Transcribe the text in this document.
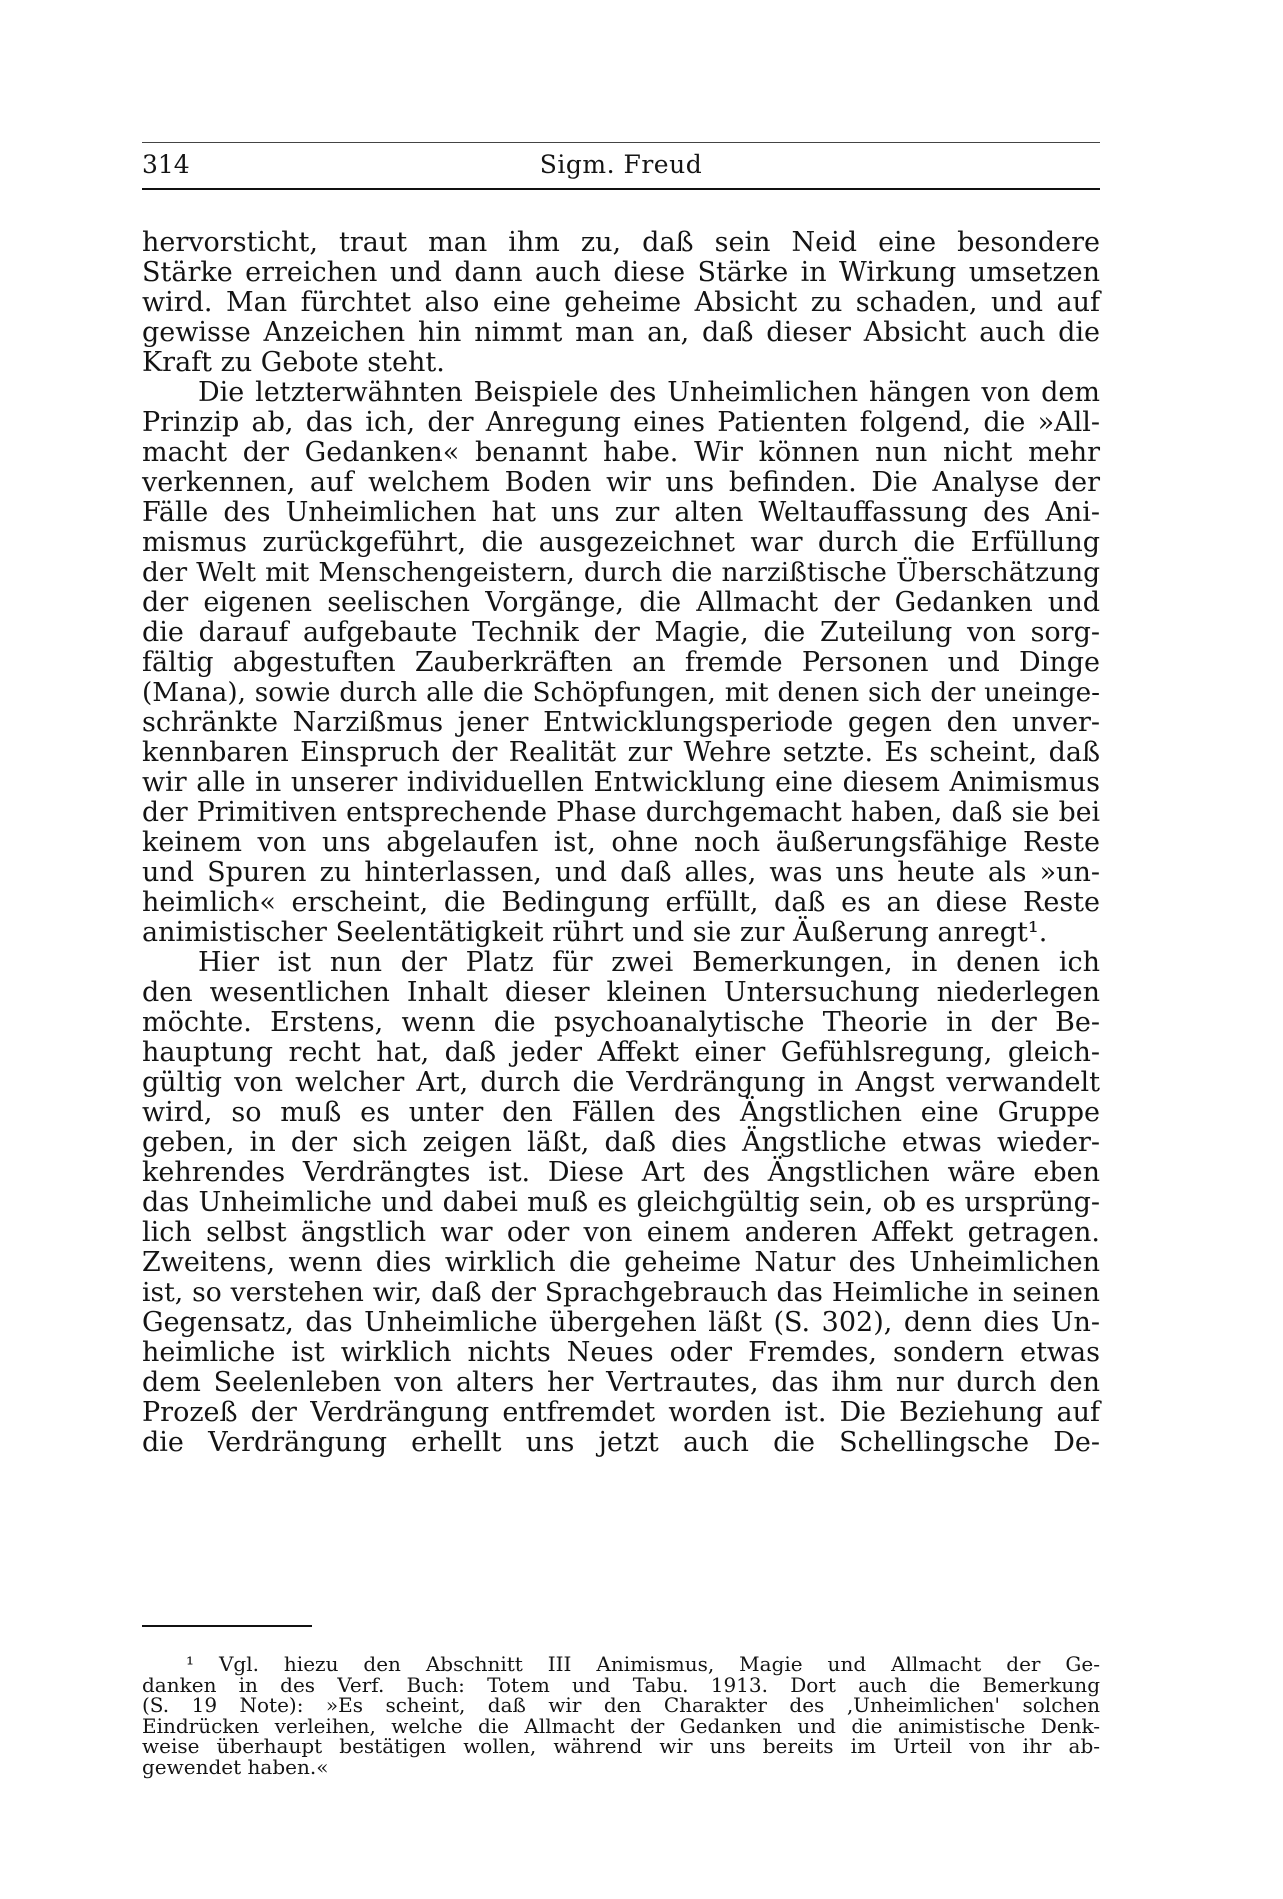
314	Sigm. Freud
hervorsticht, traut man ihm zu, daß sein Neid eine besondere
Stärke erreichen und dann auch diese Stärke in Wirkung umsetzen
wird. Man fürchtet also eine geheime Absicht zu schaden, und auf
gewisse Anzeichen hin nimmt man an, daß dieser Absicht auch die
Kraft zu Gebote steht.
Die letzterwähnten Beispiele des Unheimlichen hängen von dem
Prinzip ab, das ich, der Anregung eines Patienten folgend, die »All-
macht der Gedanken« benannt habe. Wir können nun nicht mehr
verkennen, auf welchem Boden wir uns befinden. Die Analyse der
Fälle des Unheimlichen hat uns zur alten Weltauffassung des Ani-
mismus zurückgeführt, die ausgezeichnet war durch die Erfüllung
der Welt mit Menschengeistern, durch die narzißtische Überschätzung
der eigenen seelischen Vorgänge, die Allmacht der Gedanken und
die darauf aufgebaute Technik der Magie, die Zuteilung von sorg-
fältig abgestuften Zauberkräften an fremde Personen und Dinge
(Mana), sowie durch alle die Schöpfungen, mit denen sich der uneinge-
schränkte Narzißmus jener Entwicklungsperiode gegen den unver-
kennbaren Einspruch der Realität zur Wehre setzte. Es scheint, daß
wir alle in unserer individuellen Entwicklung eine diesem Animismus
der Primitiven entsprechende Phase durchgemacht haben, daß sie bei
keinem von uns abgelaufen ist, ohne noch äußerungsfähige Reste
und Spuren zu hinterlassen, und daß alles, was uns heute als »un-
heimlich« erscheint, die Bedingung erfüllt, daß es an diese Reste
animistischer Seelentätigkeit rührt und sie zur Äußerung anregt¹.
Hier ist nun der Platz für zwei Bemerkungen, in denen ich
den wesentlichen Inhalt dieser kleinen Untersuchung niederlegen
möchte. Erstens, wenn die psychoanalytische Theorie in der Be-
hauptung recht hat, daß jeder Affekt einer Gefühlsregung, gleich-
gültig von welcher Art, durch die Verdrängung in Angst verwandelt
wird, so muß es unter den Fällen des Ängstlichen eine Gruppe
geben, in der sich zeigen läßt, daß dies Ängstliche etwas wieder-
kehrendes Verdrängtes ist. Diese Art des Ängstlichen wäre eben
das Unheimliche und dabei muß es gleichgültig sein, ob es ursprüng-
lich selbst ängstlich war oder von einem anderen Affekt getragen.
Zweitens, wenn dies wirklich die geheime Natur des Unheimlichen
ist, so verstehen wir, daß der Sprachgebrauch das Heimliche in seinen
Gegensatz, das Unheimliche übergehen läßt (S. 302), denn dies Un-
heimliche ist wirklich nichts Neues oder Fremdes, sondern etwas
dem Seelenleben von alters her Vertrautes, das ihm nur durch den
Prozeß der Verdrängung entfremdet worden ist. Die Beziehung auf
die Verdrängung erhellt uns jetzt auch die Schellingsche De-
¹ Vgl. hiezu den Abschnitt III Animismus, Magie und Allmacht der Ge-
danken in des Verf. Buch: Totem und Tabu. 1913. Dort auch die Bemerkung
(S. 19 Note): »Es scheint, daß wir den Charakter des ‚Unheimlichen' solchen
Eindrücken verleihen, welche die Allmacht der Gedanken und die animistische Denk-
weise überhaupt bestätigen wollen, während wir uns bereits im Urteil von ihr ab-
gewendet haben.«
